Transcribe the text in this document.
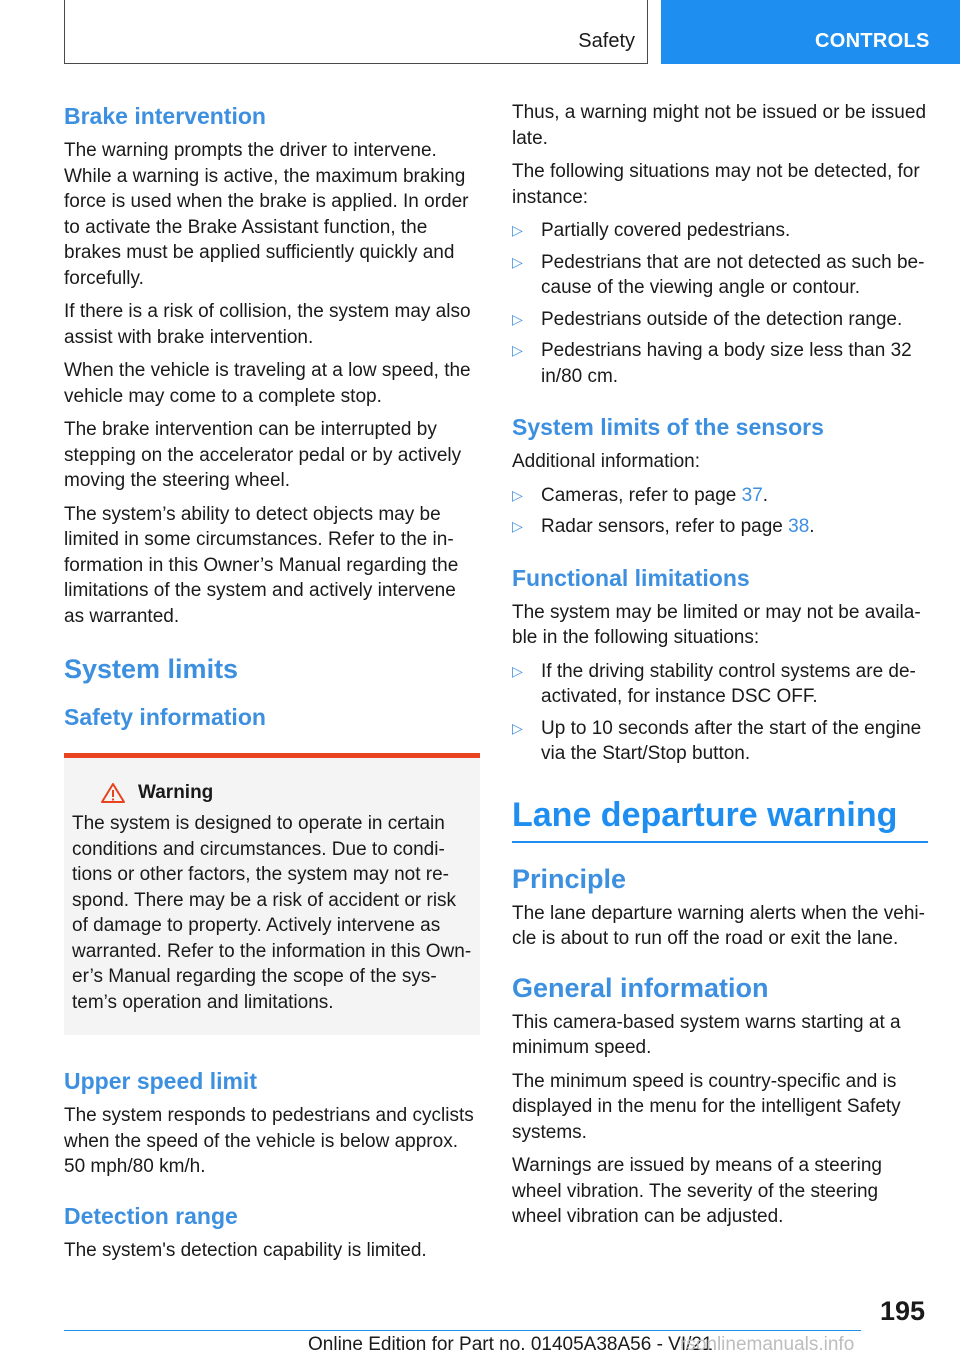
Safety	CONTROLS
Brake intervention

The warning prompts the driver to intervene. While a warning is active, the maximum braking force is used when the brake is applied. In order to activate the Brake Assistant function, the brakes must be applied sufficiently quickly and forcefully.

If there is a risk of collision, the system may also assist with brake intervention.

When the vehicle is traveling at a low speed, the vehicle may come to a complete stop.

The brake intervention can be interrupted by stepping on the accelerator pedal or by actively moving the steering wheel.

The system’s ability to detect objects may be limited in some circumstances. Refer to the information in this Owner’s Manual regarding the limitations of the system and actively intervene as warranted.

System limits
Safety information
Warning

The system is designed to operate in certain conditions and circumstances. Due to conditions or other factors, the system may not respond. There may be a risk of accident or risk of damage to property. Actively intervene as warranted. Refer to the information in this Owner’s Manual regarding the scope of the system’s operation and limitations.

Upper speed limit

The system responds to pedestrians and cyclists when the speed of the vehicle is below approx. 50 mph/80 km/h.

Detection range

The system's detection capability is limited.

Thus, a warning might not be issued or be issued late.

The following situations may not be detected, for instance:

▷ Partially covered pedestrians.
▷ Pedestrians that are not detected as such because of the viewing angle or contour.
▷ Pedestrians outside of the detection range.
▷ Pedestrians having a body size less than 32 in/80 cm.
System limits of the sensors

Additional information:

▷ Cameras, refer to page 37.
▷ Radar sensors, refer to page 38.
Functional limitations

The system may be limited or may not be available in the following situations:

▷ If the driving stability control systems are deactivated, for instance DSC OFF.
▷ Up to 10 seconds after the start of the engine via the Start/Stop button.
Lane departure warning
Principle

The lane departure warning alerts when the vehicle is about to run off the road or exit the lane.

General information

This camera-based system warns starting at a minimum speed.

The minimum speed is country-specific and is displayed in the menu for the intelligent Safety systems.

Warnings are issued by means of a steering wheel vibration. The severity of the steering wheel vibration can be adjusted.

195
Online Edition for Part no. 01405A38A56 - VI/21
rsonlinemanuals.info
